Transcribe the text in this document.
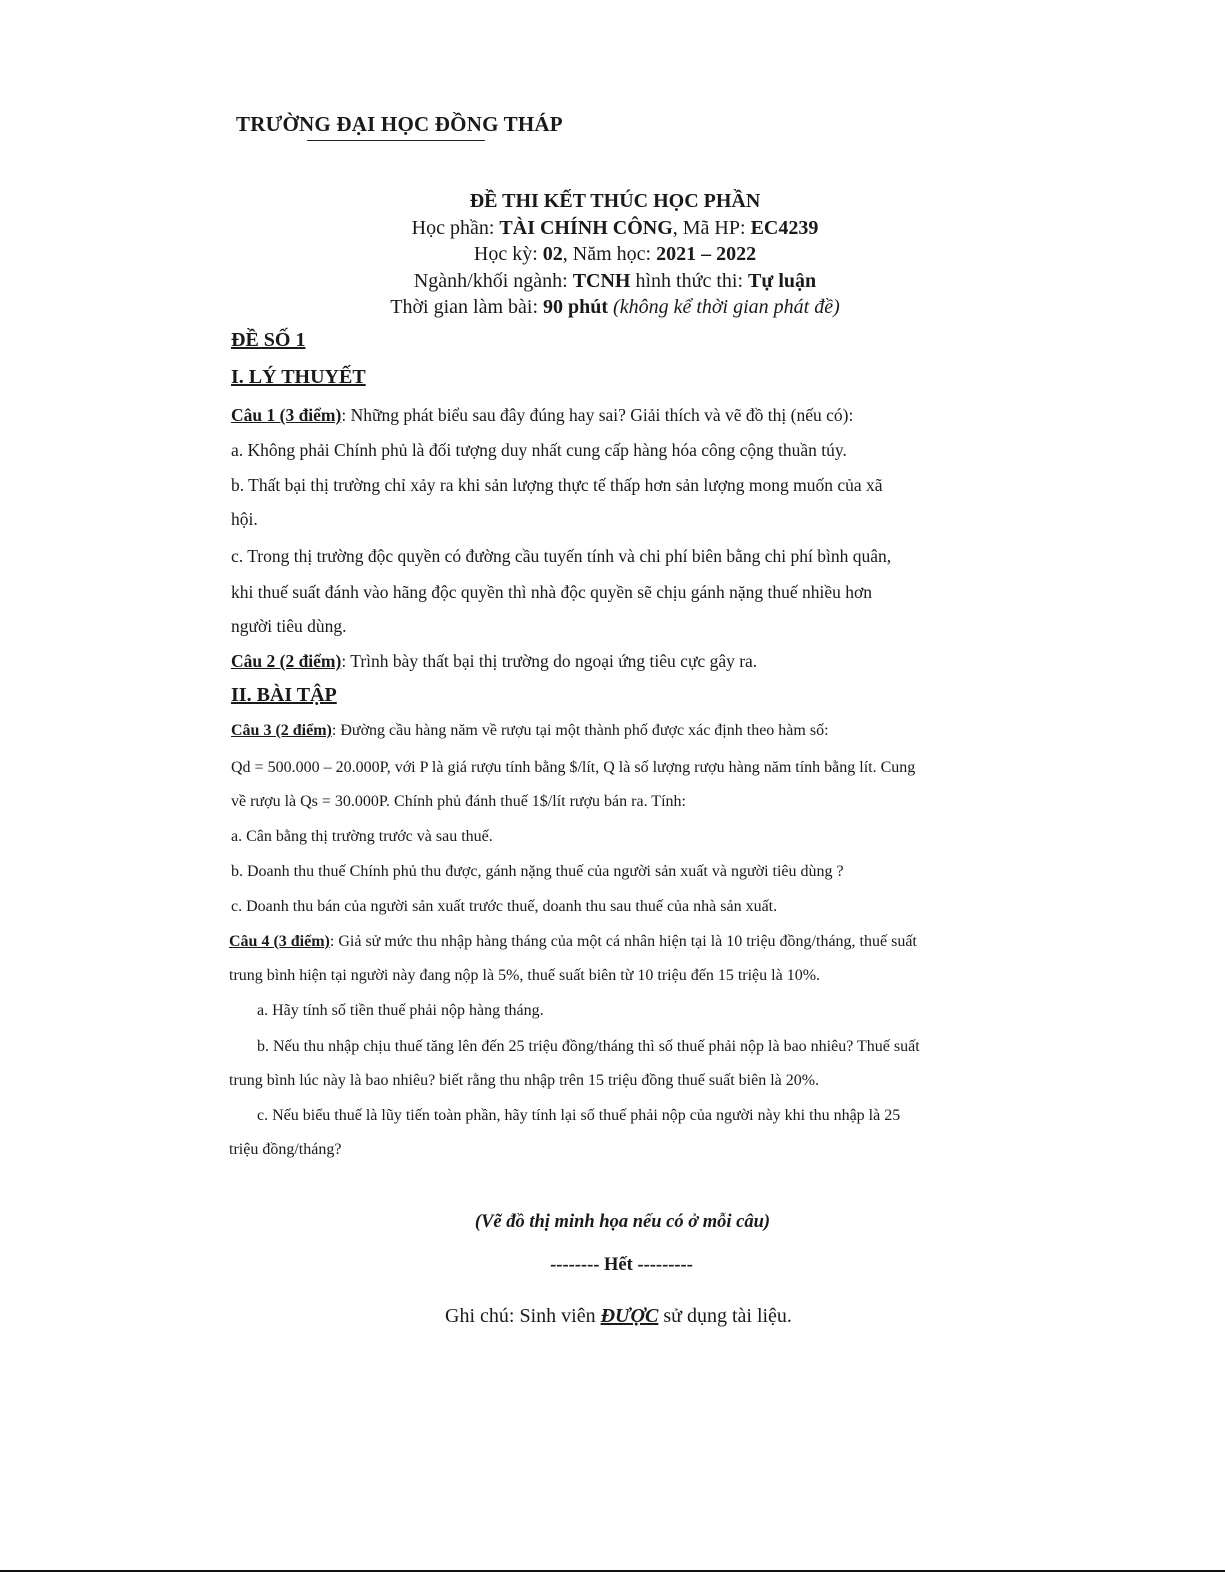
TRƯỜNG ĐẠI HỌC ĐỒNG THÁP
ĐỀ THI KẾT THÚC HỌC PHẦN
Học phần: TÀI CHÍNH CÔNG, Mã HP: EC4239
Học kỳ: 02, Năm học: 2021 – 2022
Ngành/khối ngành: TCNH hình thức thi: Tự luận
Thời gian làm bài: 90 phút (không kể thời gian phát đề)
ĐỀ SỐ 1
I. LÝ THUYẾT
Câu 1 (3 điểm): Những phát biểu sau đây đúng hay sai? Giải thích và vẽ đồ thị (nếu có):
a. Không phải Chính phủ là đối tượng duy nhất cung cấp hàng hóa công cộng thuần túy.
b. Thất bại thị trường chỉ xảy ra khi sản lượng thực tế thấp hơn sản lượng mong muốn của xã
hội.
c. Trong thị trường độc quyền có đường cầu tuyến tính và chi phí biên bằng chi phí bình quân,
khi thuế suất đánh vào hãng độc quyền thì nhà độc quyền sẽ chịu gánh nặng thuế nhiều hơn
người tiêu dùng.
Câu 2 (2 điểm): Trình bày thất bại thị trường do ngoại ứng tiêu cực gây ra.
II. BÀI TẬP
Câu 3 (2 điểm): Đường cầu hàng năm về rượu tại một thành phố được xác định theo hàm số:
Qd = 500.000 – 20.000P, với P là giá rượu tính bằng $/lít, Q là số lượng rượu hàng năm tính bằng lít. Cung
về rượu là Qs = 30.000P. Chính phủ đánh thuế 1$/lít rượu bán ra. Tính:
a. Cân bằng thị trường trước và sau thuế.
b. Doanh thu thuế Chính phủ thu được, gánh nặng thuế của người sản xuất và người tiêu dùng ?
c. Doanh thu bán của người sản xuất trước thuế, doanh thu sau thuế của nhà sản xuất.
Câu 4 (3 điểm): Giả sử mức thu nhập hàng tháng của một cá nhân hiện tại là 10 triệu đồng/tháng, thuế suất
trung bình hiện tại người này đang nộp là 5%, thuế suất biên từ 10 triệu đến 15 triệu là 10%.
a. Hãy tính số tiền thuế phải nộp hàng tháng.
b. Nếu thu nhập chịu thuế tăng lên đến 25 triệu đồng/tháng thì số thuế phải nộp là bao nhiêu? Thuế suất
trung bình lúc này là bao nhiêu? biết rằng thu nhập trên 15 triệu đồng thuế suất biên là 20%.
c. Nếu biểu thuế là lũy tiến toàn phần, hãy tính lại số thuế phải nộp của người này khi thu nhập là 25
triệu đồng/tháng?
(Vẽ đồ thị minh họa nếu có ở mỗi câu)
-------- Hết ---------
Ghi chú: Sinh viên ĐƯỢC sử dụng tài liệu.
